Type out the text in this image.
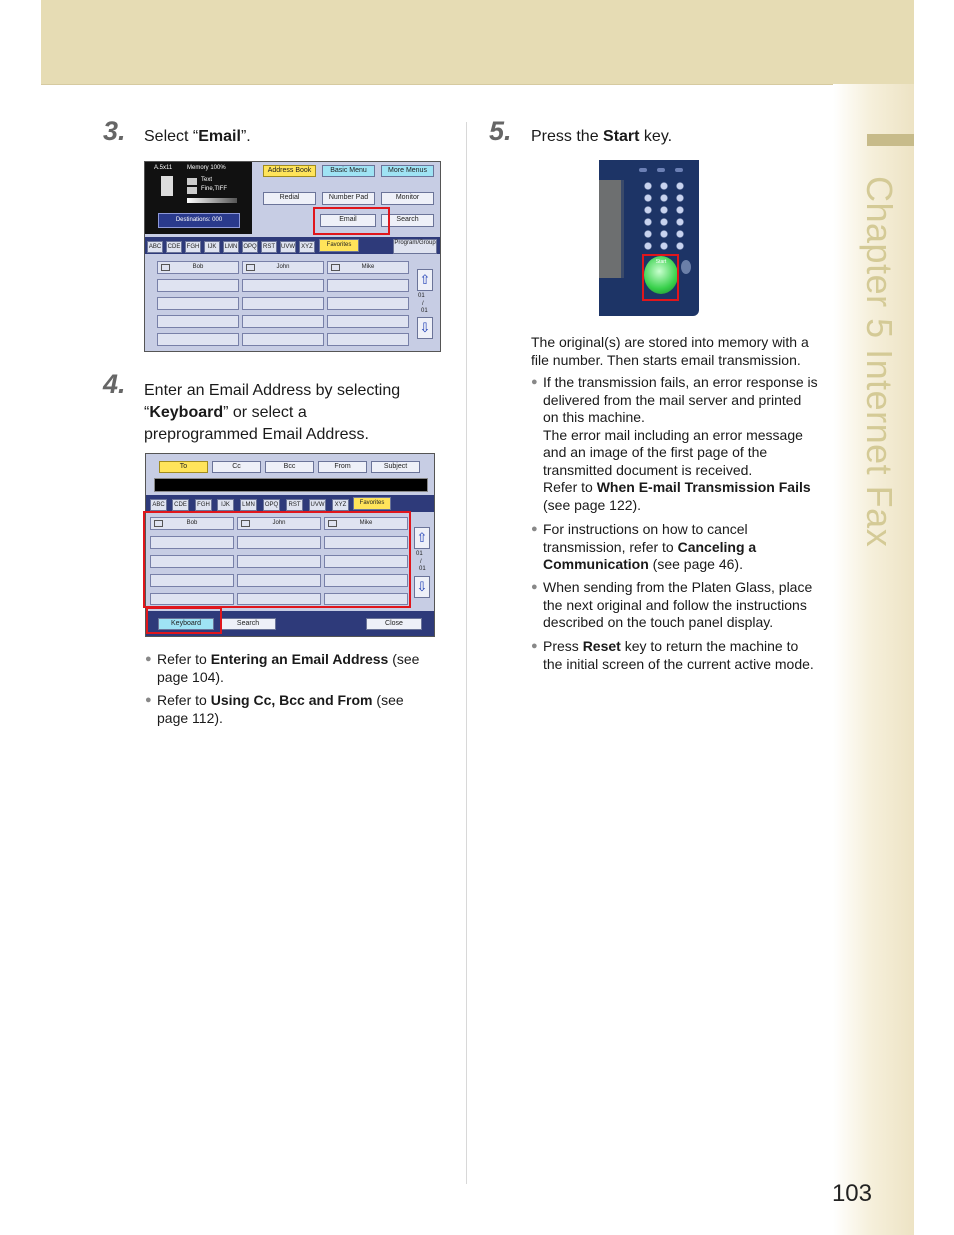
Chapter 5 Internet Fax
103
3. Select “Email”.
A.5x11 Memory 100%
Text
Fine,TIFF
Destinations: 000
Address Book	Basic Menu	More Menus
Redial	Number Pad	Monitor
Email	Search
ABC	CDE FGH	IJK	LMN OPQ	RST	UVW	XYZ	Favorites	Program/Group
Bob	John	Mike
⇧
01
/
01
⇩
4. Enter an Email Address by selecting
“Keyboard” or select a
preprogrammed Email Address.
To	Cc	Bcc	From	Subject
ABC	CDE	FGH	IJK	LMN	OPQ	RST	UVW	XYZ	Favorites
Bob	John	Mike
⇧
01
/
01
⇩
Keyboard	Search	Close
● Refer to Entering an Email Address (see
page 104).
● Refer to Using Cc, Bcc and From (see
page 112).
5. Press the Start key.
Start
The original(s) are stored into memory with a
file number. Then starts email transmission.
● If the transmission fails, an error response is
delivered from the mail server and printed
on this machine.
The error mail including an error message
and an image of the first page of the
transmitted document is received.
Refer to When E-mail Transmission Fails
(see page 122).
● For instructions on how to cancel
transmission, refer to Canceling a
Communication (see page 46).
● When sending from the Platen Glass, place
the next original and follow the instructions
described on the touch panel display.
● Press Reset key to return the machine to
the initial screen of the current active mode.
